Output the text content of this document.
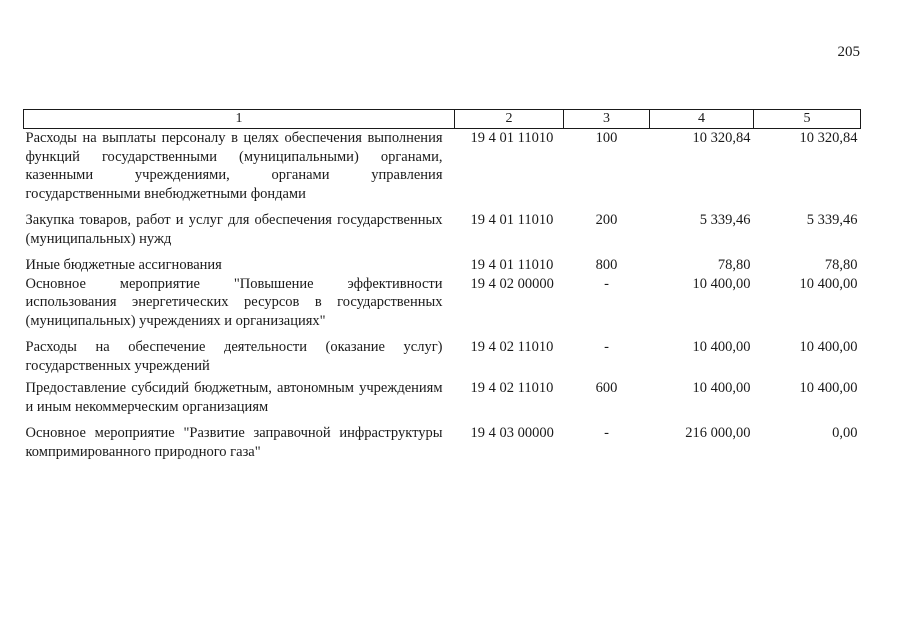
205
1	2	3	4	5
Расходы на выплаты персоналу в целях обеспечения выполнения функций государственными (муниципальными) органами, казенными учреждениями, органами управления государственными внебюджетными фондами	19 4 01 11010	100	10 320,84	10 320,84
Закупка товаров, работ и услуг для обеспечения государственных (муниципальных) нужд	19 4 01 11010	200	5 339,46	5 339,46
Иные бюджетные ассигнования	19 4 01 11010	800	78,80	78,80
Основное мероприятие "Повышение эффективности использования энергетических ресурсов в государственных (муниципальных) учреждениях и организациях"	19 4 02 00000	-	10 400,00	10 400,00
Расходы на обеспечение деятельности (оказание услуг) государственных учреждений	19 4 02 11010	-	10 400,00	10 400,00
Предоставление субсидий бюджетным, автономным учреждениям и иным некоммерческим организациям	19 4 02 11010	600	10 400,00	10 400,00
Основное мероприятие "Развитие заправочной инфраструктуры компримированного природного газа"	19 4 03 00000	-	216 000,00	0,00
